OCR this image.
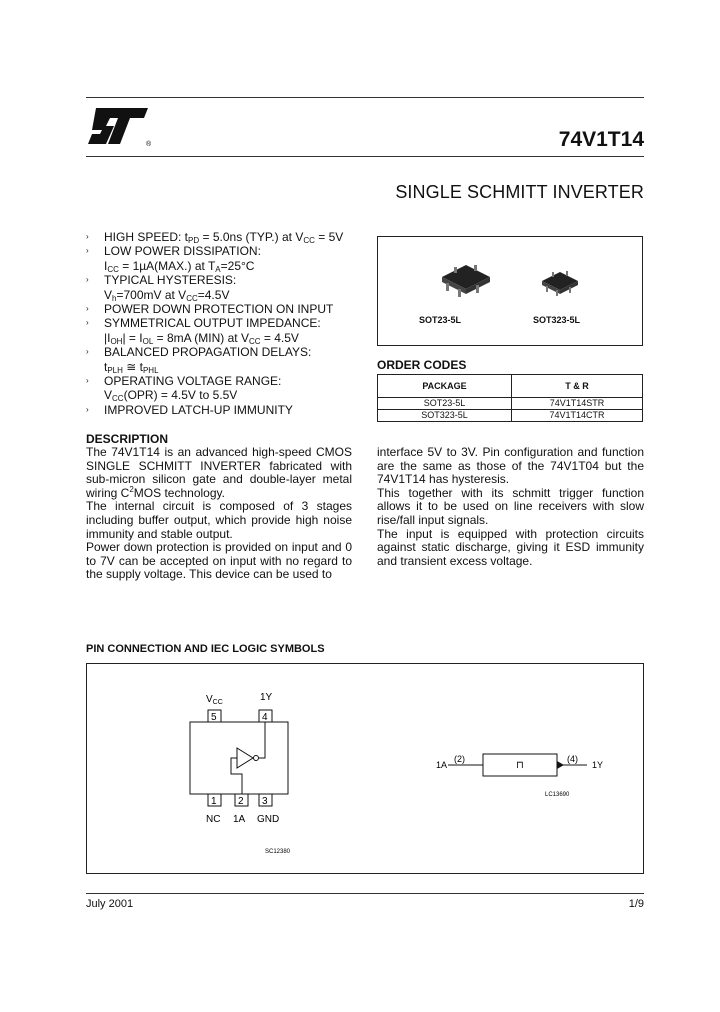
®	74V1T14
SINGLE SCHMITT INVERTER
› HIGH SPEED: $t_{PD} = 5.0ns$ (TYP.) at $V_{CC} = 5V$
› LOW POWER DISSIPATION:
$I_{CC} = 1\mu A(MAX.)$ at $T_A=25^\circ C$
› TYPICAL HYSTERESIS:
$V_h=700mV$ at $V_{CC}=4.5V$
› POWER DOWN PROTECTION ON INPUT
› SYMMETRICAL OUTPUT IMPEDANCE:
$|I_{OH}| = I_{OL} = 8mA$ (MIN) at $V_{CC} = 4.5V$
› BALANCED PROPAGATION DELAYS:
$t_{PLH}$ ≅ $t_{PHL}$
› OPERATING VOLTAGE RANGE:
$V_{CC}(OPR) = 4.5V$ to 5.5V
› IMPROVED LATCH-UP IMMUNITY
SOT23-5L	SOT323-5L
ORDER CODES
PACKAGE	T & R
SOT23-5L	74V1T14STR
SOT323-5L	74V1T14CTR
DESCRIPTION

The 74V1T14 is an advanced high-speed CMOS SINGLE SCHMITT INVERTER fabricated with sub-micron silicon gate and double-layer metal wiring $C^2MOS$ technology.

The internal circuit is composed of 3 stages including buffer output, which provide high noise immunity and stable output.

Power down protection is provided on input and 0 to 7V can be accepted on input with no regard to the supply voltage. This device can be used to

interface 5V to 3V. Pin configuration and function are the same as those of the 74V1T04 but the 74V1T14 has hysteresis.

This together with its schmitt trigger function allows it to be used on line receivers with slow rise/fall input signals.

The input is equipped with protection circuits against static discharge, giving it ESD immunity and transient excess voltage.

PIN CONNECTION AND IEC LOGIC SYMBOLS
$V_{CC}$	1Y
5	4
1 2 3
NC 1A GND
SC12380
1A
(2)
⊓
(4)
1Y
LC13690
July 2001	1/9
